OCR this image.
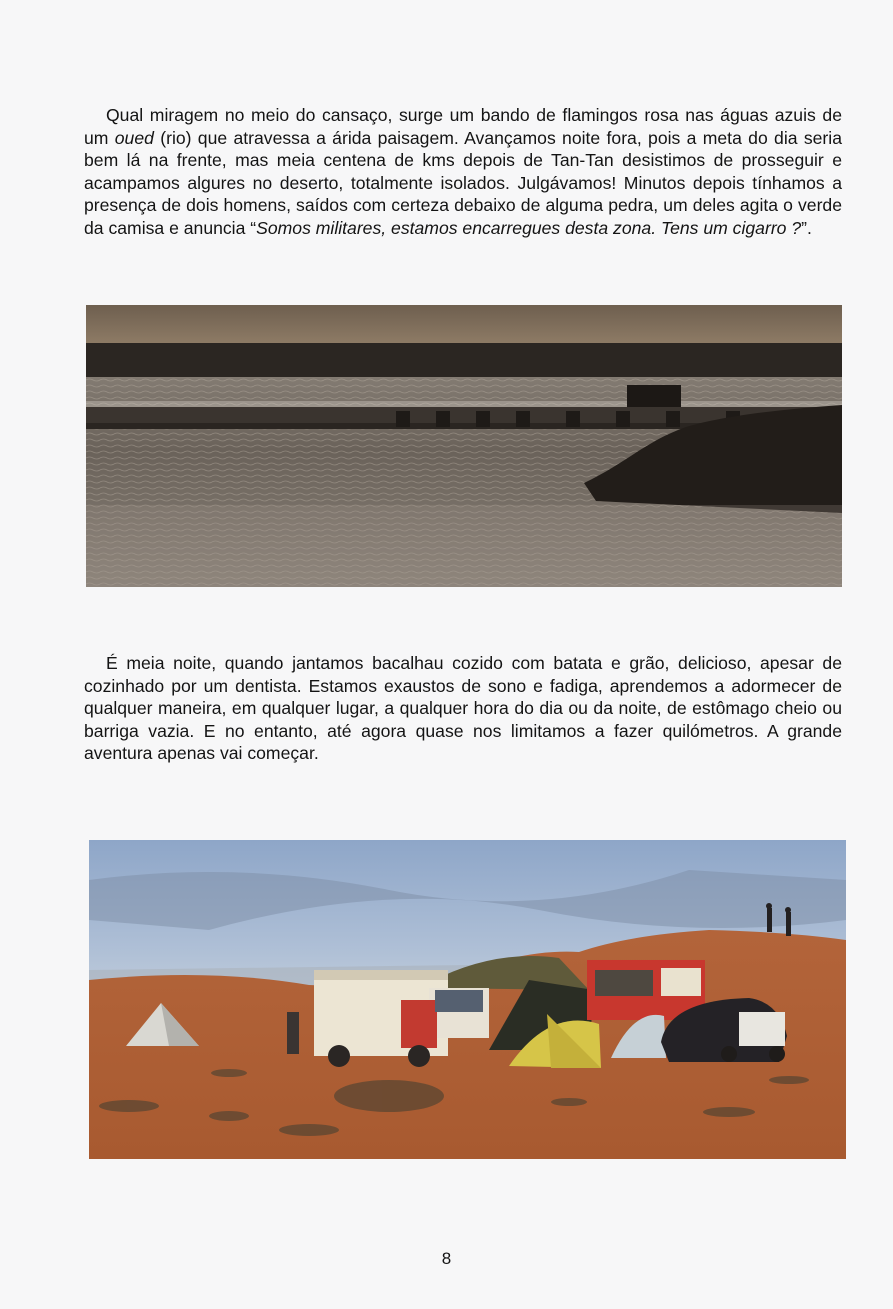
Qual miragem no meio do cansaço, surge um bando de flamingos rosa nas águas azuis de um oued (rio) que atravessa a árida paisagem. Avançamos noite fora, pois a meta do dia seria bem lá na frente, mas meia centena de kms depois de Tan-Tan desistimos de prosseguir e acampamos algures no deserto, totalmente isolados. Julgávamos! Minutos depois tínhamos a presença de dois homens, saídos com certeza debaixo de alguma pedra, um deles agita o verde da camisa e anuncia “Somos militares, estamos encarregues desta zona. Tens um cigarro ?”.

É meia noite, quando jantamos bacalhau cozido com batata e grão, delicioso, apesar de cozinhado por um dentista. Estamos exaustos de sono e fadiga, aprendemos a adormecer de qualquer maneira, em qualquer lugar, a qualquer hora do dia ou da noite, de estômago cheio ou barriga vazia. E no entanto, até agora quase nos limitamos a fazer quilómetros. A grande aventura apenas vai começar.

8
